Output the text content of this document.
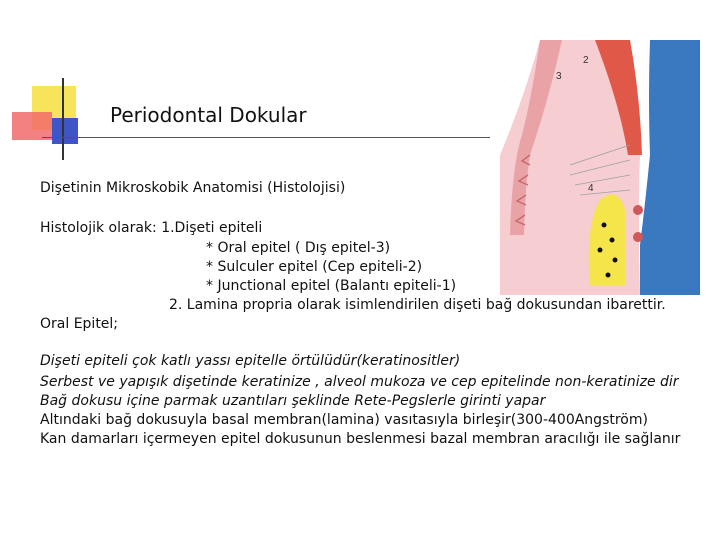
Periodontal Dokular
Dişetinin Mikroskobik Anatomisi (Histolojisi)
Histolojik olarak: 1.Dişeti epiteli
* Oral epitel ( Dış epitel-3)
* Sulculer epitel (Cep epiteli-2)
* Junctional epitel (Balantı epiteli-1)
2. Lamina propria olarak isimlendirilen dişeti bağ dokusundan ibarettir.
Oral Epitel;
Dişeti epiteli çok katlı yassı epitelle örtülüdür(keratinositler)
Serbest ve yapışık dişetinde keratinize , alveol mukoza ve cep epitelinde non-keratinize dir
Bağ dokusu içine parmak uzantıları şeklinde Rete-Pegslerle girinti yapar
Altındaki bağ dokusuyla basal membran(lamina) vasıtasıyla birleşir(300-400Angström)
Kan damarları içermeyen epitel dokusunun beslenmesi bazal membran aracılığı ile sağlanır
2
3
4
